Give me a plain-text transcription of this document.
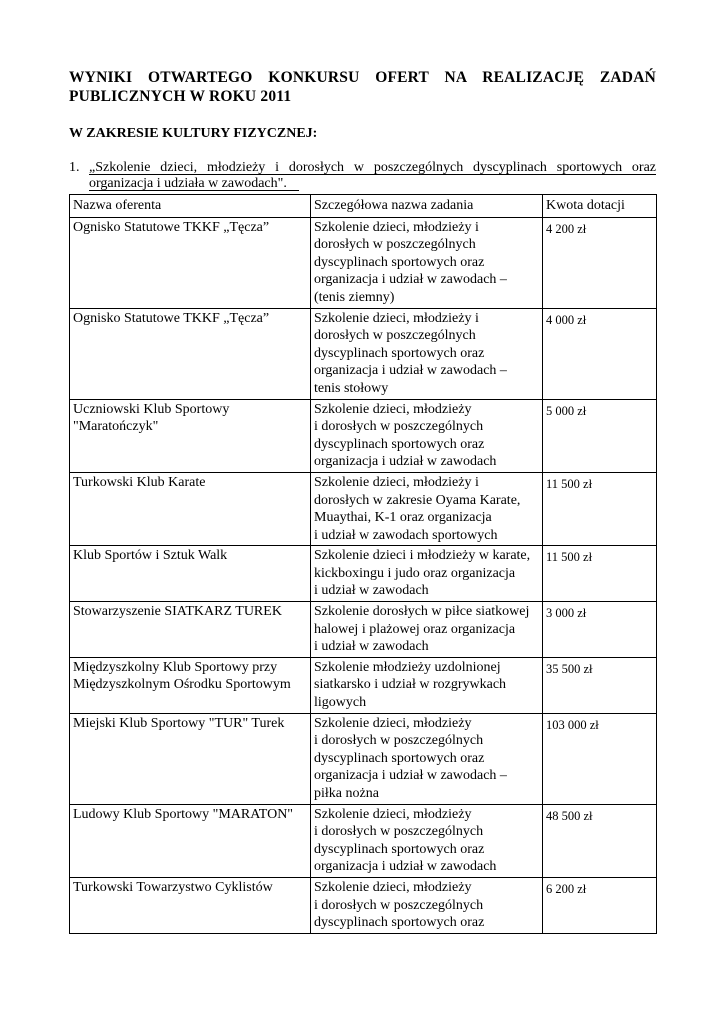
WYNIKI OTWARTEGO KONKURSU OFERT NA REALIZACJĘ ZADAŃ PUBLICZNYCH W ROKU 2011
W ZAKRESIE KULTURY FIZYCZNEJ:
1. „Szkolenie dzieci, młodzieży i dorosłych w poszczególnych dyscyplinach sportowych oraz organizacja i udziała w zawodach".
Nazwa oferenta	Szczegółowa nazwa zadania	Kwota dotacji

Ognisko Statutowe TKKF „Tęcza”	Szkolenie dzieci, młodzieży i
dorosłych w poszczególnych
dyscyplinach sportowych oraz
organizacja i udział w zawodach –
(tenis ziemny)	4 200 zł

Ognisko Statutowe TKKF „Tęcza”	Szkolenie dzieci, młodzieży i
dorosłych w poszczególnych
dyscyplinach sportowych oraz
organizacja i udział w zawodach –
tenis stołowy	4 000 zł

Uczniowski Klub Sportowy
"Maratończyk"	Szkolenie dzieci, młodzieży
i dorosłych w poszczególnych
dyscyplinach sportowych oraz
organizacja i udział w zawodach	5 000 zł

Turkowski Klub Karate	Szkolenie dzieci, młodzieży i
dorosłych w zakresie Oyama Karate,
Muaythai, K-1 oraz organizacja
i udział w zawodach sportowych	11 500 zł

Klub Sportów i Sztuk Walk	Szkolenie dzieci i młodzieży w karate,
kickboxingu i judo oraz organizacja
i udział w zawodach	11 500 zł

Stowarzyszenie SIATKARZ TUREK	Szkolenie dorosłych w piłce siatkowej
halowej i plażowej oraz organizacja
i udział w zawodach	3 000 zł

Międzyszkolny Klub Sportowy przy
Międzyszkolnym Ośrodku Sportowym	Szkolenie młodzieży uzdolnionej
siatkarsko i udział w rozgrywkach
ligowych	35 500 zł

Miejski Klub Sportowy "TUR" Turek	Szkolenie dzieci, młodzieży
i dorosłych w poszczególnych
dyscyplinach sportowych oraz
organizacja i udział w zawodach –
piłka nożna	103 000 zł

Ludowy Klub Sportowy "MARATON"	Szkolenie dzieci, młodzieży
i dorosłych w poszczególnych
dyscyplinach sportowych oraz
organizacja i udział w zawodach	48 500 zł

Turkowski Towarzystwo Cyklistów	Szkolenie dzieci, młodzieży
i dorosłych w poszczególnych
dyscyplinach sportowych oraz	6 200 zł
